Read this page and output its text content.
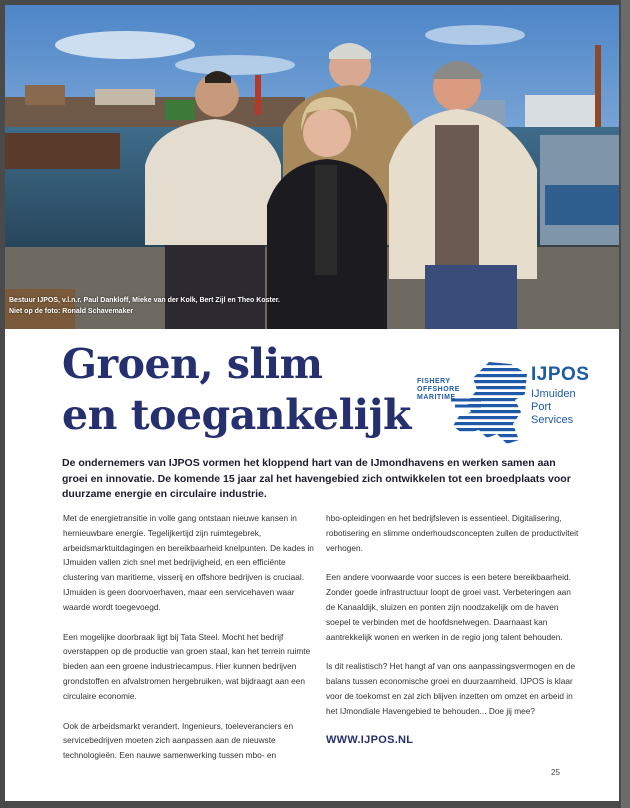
Bestuur IJPOS, v.l.n.r. Paul Dankloff, Mieke van der Kolk, Bert Zijl en Theo Koster.
Niet op de foto: Ronald Schavemaker
Groen, slim
en toegankelijk
FISHERY
OFFSHORE
MARITIME
IJPOS
IJmuiden
Port
Services

De ondernemers van IJPOS vormen het kloppend hart van de IJmondhavens en werken samen aan groei en innovatie. De komende 15 jaar zal het havengebied zich ontwikkelen tot een broedplaats voor duurzame energie en circulaire industrie.

Met de energietransitie in volle gang ontstaan nieuwe kansen in hernieuwbare energie. Tegelijkertijd zijn ruimtegebrek, arbeidsmarktuitdagingen en bereikbaarheid knelpunten. De kades in IJmuiden vallen zich snel met bedrijvigheid, en een efficiënte clustering van maritieme, visserij en offshore bedrijven is cruciaal. IJmuiden is geen doorvoerhaven, maar een servicehaven waar waarde wordt toegevoegd.

Een mogelijke doorbraak ligt bij Tata Steel. Mocht het bedrijf overstappen op de productie van groen staal, kan het terrein ruimte bieden aan een groene industriecampus. Hier kunnen bedrijven grondstoffen en afvalstromen hergebruiken, wat bijdraagt aan een circulaire economie.

Ook de arbeidsmarkt verandert. Ingenieurs, toeleveranciers en servicebedrijven moeten zich aanpassen aan de nieuwste technologieën. Een nauwe samenwerking tussen mbo- en

hbo-opleidingen en het bedrijfsleven is essentieel. Digitalisering, robotisering en slimme onderhoudsconcepten zullen de productiviteit verhogen.

Een andere voorwaarde voor succes is een betere bereikbaarheid. Zonder goede infrastructuur loopt de groei vast. Verbeteringen aan de Kanaaldijk, sluizen en ponten zijn noodzakelijk om de haven soepel te verbinden met de hoofdsnelwegen. Daarnaast kan aantrekkelijk wonen en werken in de regio jong talent behouden.

Is dit realistisch? Het hangt af van ons aanpassingsvermogen en de balans tussen economische groei en duurzaamheid. IJPOS is klaar voor de toekomst en zal zich blijven inzetten om omzet en arbeid in het IJmondiale Havengebied te behouden... Doe jij mee?

WWW.IJPOS.NL
25
